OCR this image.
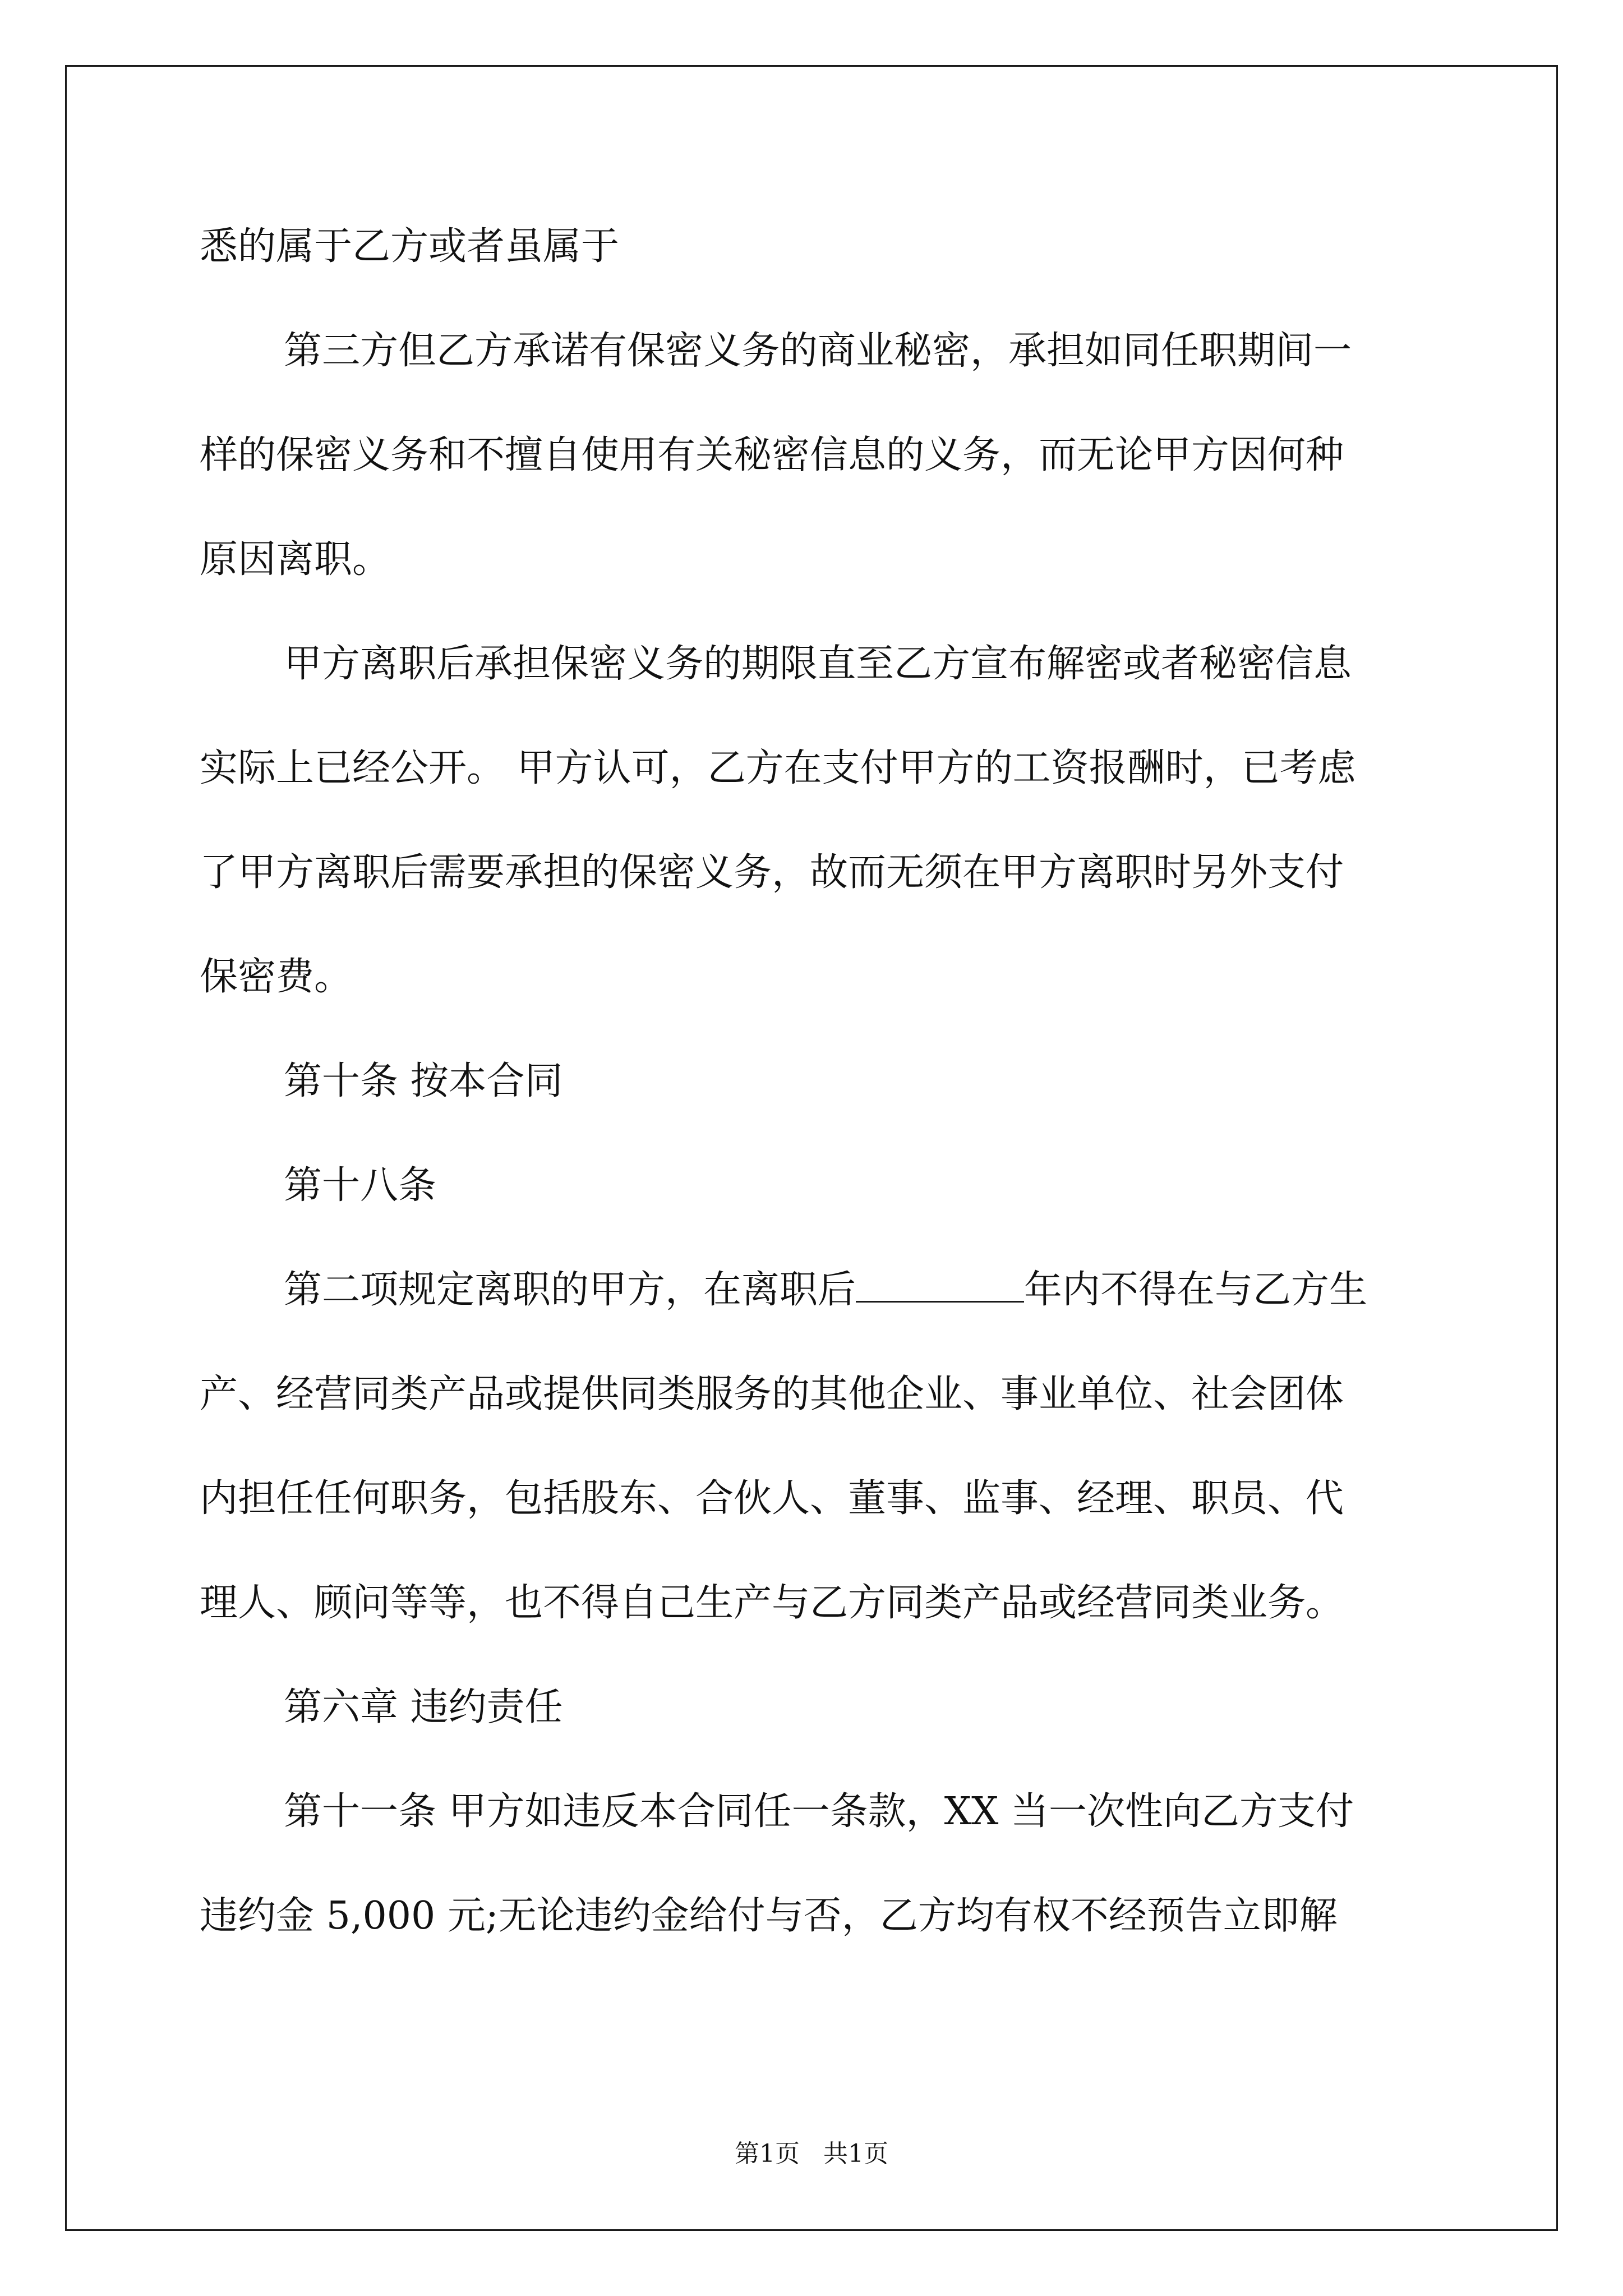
悉的属于乙方或者虽属于
第三方但乙方承诺有保密义务的商业秘密，承担如同任职期间一
样的保密义务和不擅自使用有关秘密信息的义务，而无论甲方因何种
原因离职。
甲方离职后承担保密义务的期限直至乙方宣布解密或者秘密信息
实际上已经公开。 甲方认可，乙方在支付甲方的工资报酬时，已考虑
了甲方离职后需要承担的保密义务，故而无须在甲方离职时另外支付
保密费。
第十条 按本合同
第十八条
第二项规定离职的甲方，在离职后	年内不得在与乙方生
产、经营同类产品或提供同类服务的其他企业、事业单位、社会团体
内担任任何职务，包括股东、合伙人、董事、监事、经理、职员、代
理人、顾问等等，也不得自己生产与乙方同类产品或经营同类业务。
第六章 违约责任
第十一条 甲方如违反本合同任一条款，XX 当一次性向乙方支付
违约金 5,000 元;无论违约金给付与否，乙方均有权不经预告立即解
第1页   共1页
